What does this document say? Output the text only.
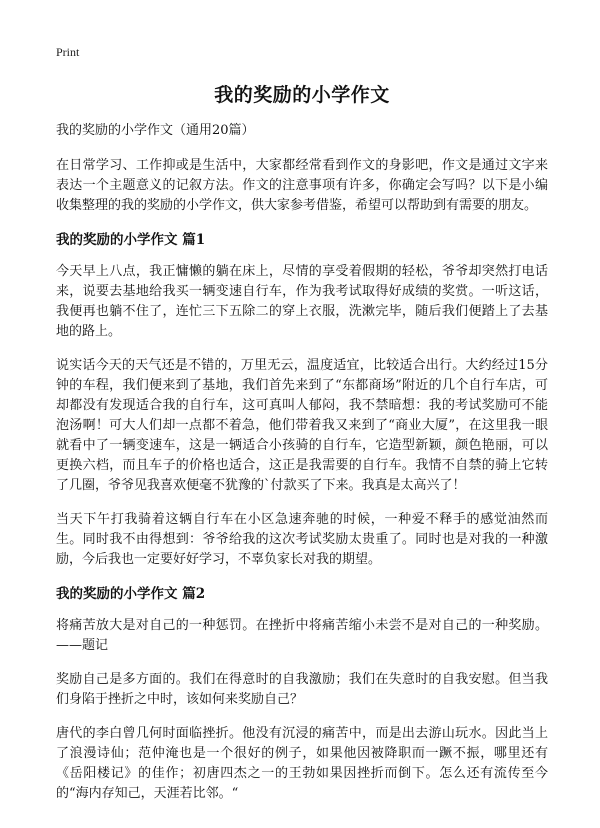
Print
我的奖励的小学作文
我的奖励的小学作文（通用20篇）

在日常学习、工作抑或是生活中，大家都经常看到作文的身影吧，作文是通过文字来表达一个主题意义的记叙方法。作文的注意事项有许多，你确定会写吗？以下是小编收集整理的我的奖励的小学作文，供大家参考借鉴，希望可以帮助到有需要的朋友。

我的奖励的小学作文 篇1

今天早上八点，我正慵懒的躺在床上，尽情的享受着假期的轻松，爷爷却突然打电话来，说要去基地给我买一辆变速自行车，作为我考试取得好成绩的奖赏。一听这话，我便再也躺不住了，连忙三下五除二的穿上衣服，洗漱完毕，随后我们便踏上了去基地的路上。

说实话今天的天气还是不错的，万里无云，温度适宜，比较适合出行。大约经过15分钟的车程，我们便来到了基地，我们首先来到了“东都商场”附近的几个自行车店，可却都没有发现适合我的自行车，这可真叫人郁闷，我不禁暗想：我的考试奖励可不能泡汤啊！可大人们却一点都不着急，他们带着我又来到了“商业大厦”，在这里我一眼就看中了一辆变速车，这是一辆适合小孩骑的自行车，它造型新颖，颜色艳丽，可以更换六档，而且车子的价格也适合，这正是我需要的自行车。我情不自禁的骑上它转了几圈，爷爷见我喜欢便毫不犹豫的`付款买了下来。我真是太高兴了！

当天下午打我骑着这辆自行车在小区急速奔驰的时候，一种爱不释手的感觉油然而生。同时我不由得想到：爷爷给我的这次考试奖励太贵重了。同时也是对我的一种激励，今后我也一定要好好学习，不辜负家长对我的期望。

我的奖励的小学作文 篇2

将痛苦放大是对自己的一种惩罚。在挫折中将痛苦缩小未尝不是对自己的一种奖励。——题记

奖励自己是多方面的。我们在得意时的自我激励；我们在失意时的自我安慰。但当我们身陷于挫折之中时，该如何来奖励自己？

唐代的李白曾几何时面临挫折。他没有沉浸的痛苦中，而是出去游山玩水。因此当上了浪漫诗仙；范仲淹也是一个很好的例子，如果他因被降职而一蹶不振，哪里还有《岳阳楼记》的佳作；初唐四杰之一的王勃如果因挫折而倒下。怎么还有流传至今的“海内存知己，天涯若比邻。“
